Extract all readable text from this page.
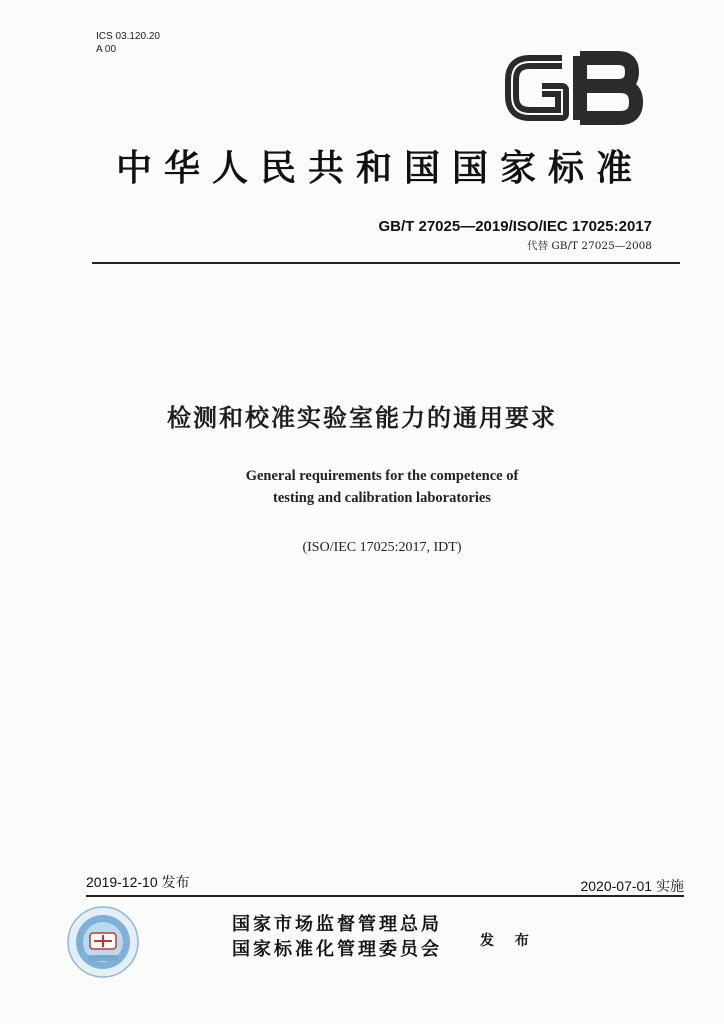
ICS 03.120.20
A 00
中华人民共和国国家标准
GB/T 27025—2019/ISO/IEC 17025:2017
代替 GB/T 27025—2008
检测和校准实验室能力的通用要求
General requirements for the competence of
testing and calibration laboratories
(ISO/IEC 17025:2017, IDT)
2019-12-10 发布	2020-07-01 实施
国家市场监督管理总局
国家标准化管理委员会	发 布
